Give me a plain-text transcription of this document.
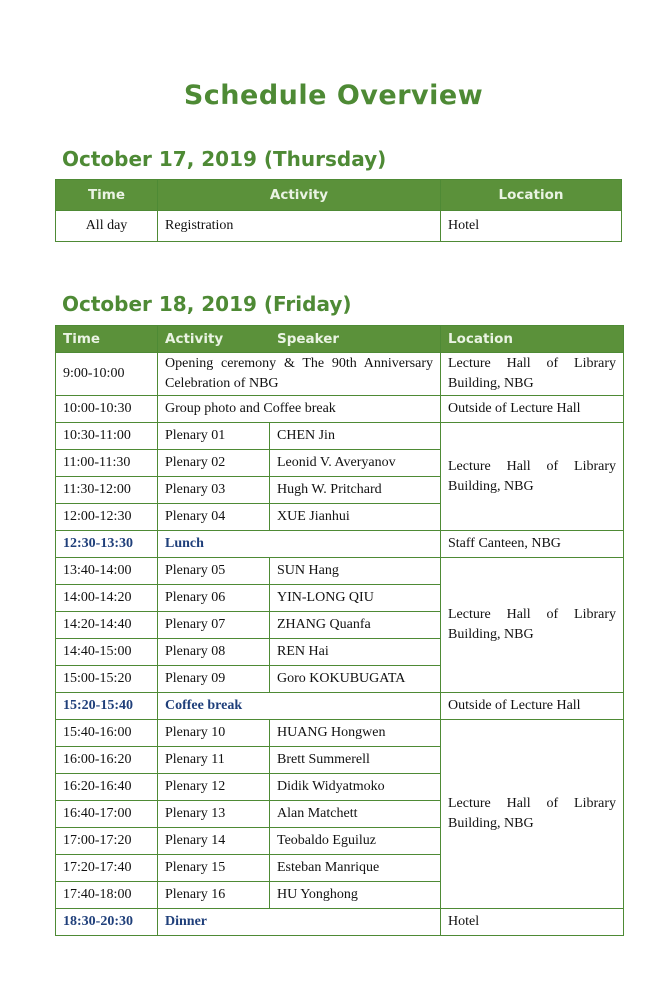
Schedule Overview
October 17, 2019 (Thursday)
Time	Activity	Location
All day	Registration	Hotel
October 18, 2019 (Friday)
Time	Activity Speaker		Location
9:00-10:00	Opening ceremony & The 90th Anniversary Celebration of NBG		Lecture Hall of Library Building, NBG
10:00-10:30	Group photo and Coffee break		Outside of Lecture Hall
10:30-11:00	Plenary 01	CHEN Jin	Lecture Hall of Library Building, NBG
11:00-11:30	Plenary 02	Leonid V. Averyanov	
11:30-12:00	Plenary 03	Hugh W. Pritchard	
12:00-12:30	Plenary 04	XUE Jianhui	
12:30-13:30	Lunch		Staff Canteen, NBG
13:40-14:00	Plenary 05	SUN Hang	Lecture Hall of Library Building, NBG
14:00-14:20	Plenary 06	YIN-LONG QIU	
14:20-14:40	Plenary 07	ZHANG Quanfa	
14:40-15:00	Plenary 08	REN Hai	
15:00-15:20	Plenary 09	Goro KOKUBUGATA	
15:20-15:40	Coffee break		Outside of Lecture Hall
15:40-16:00	Plenary 10	HUANG Hongwen	Lecture Hall of Library Building, NBG
16:00-16:20	Plenary 11	Brett Summerell	
16:20-16:40	Plenary 12	Didik Widyatmoko	
16:40-17:00	Plenary 13	Alan Matchett	
17:00-17:20	Plenary 14	Teobaldo Eguiluz	
17:20-17:40	Plenary 15	Esteban Manrique	
17:40-18:00	Plenary 16	HU Yonghong	
18:30-20:30	Dinner		Hotel
